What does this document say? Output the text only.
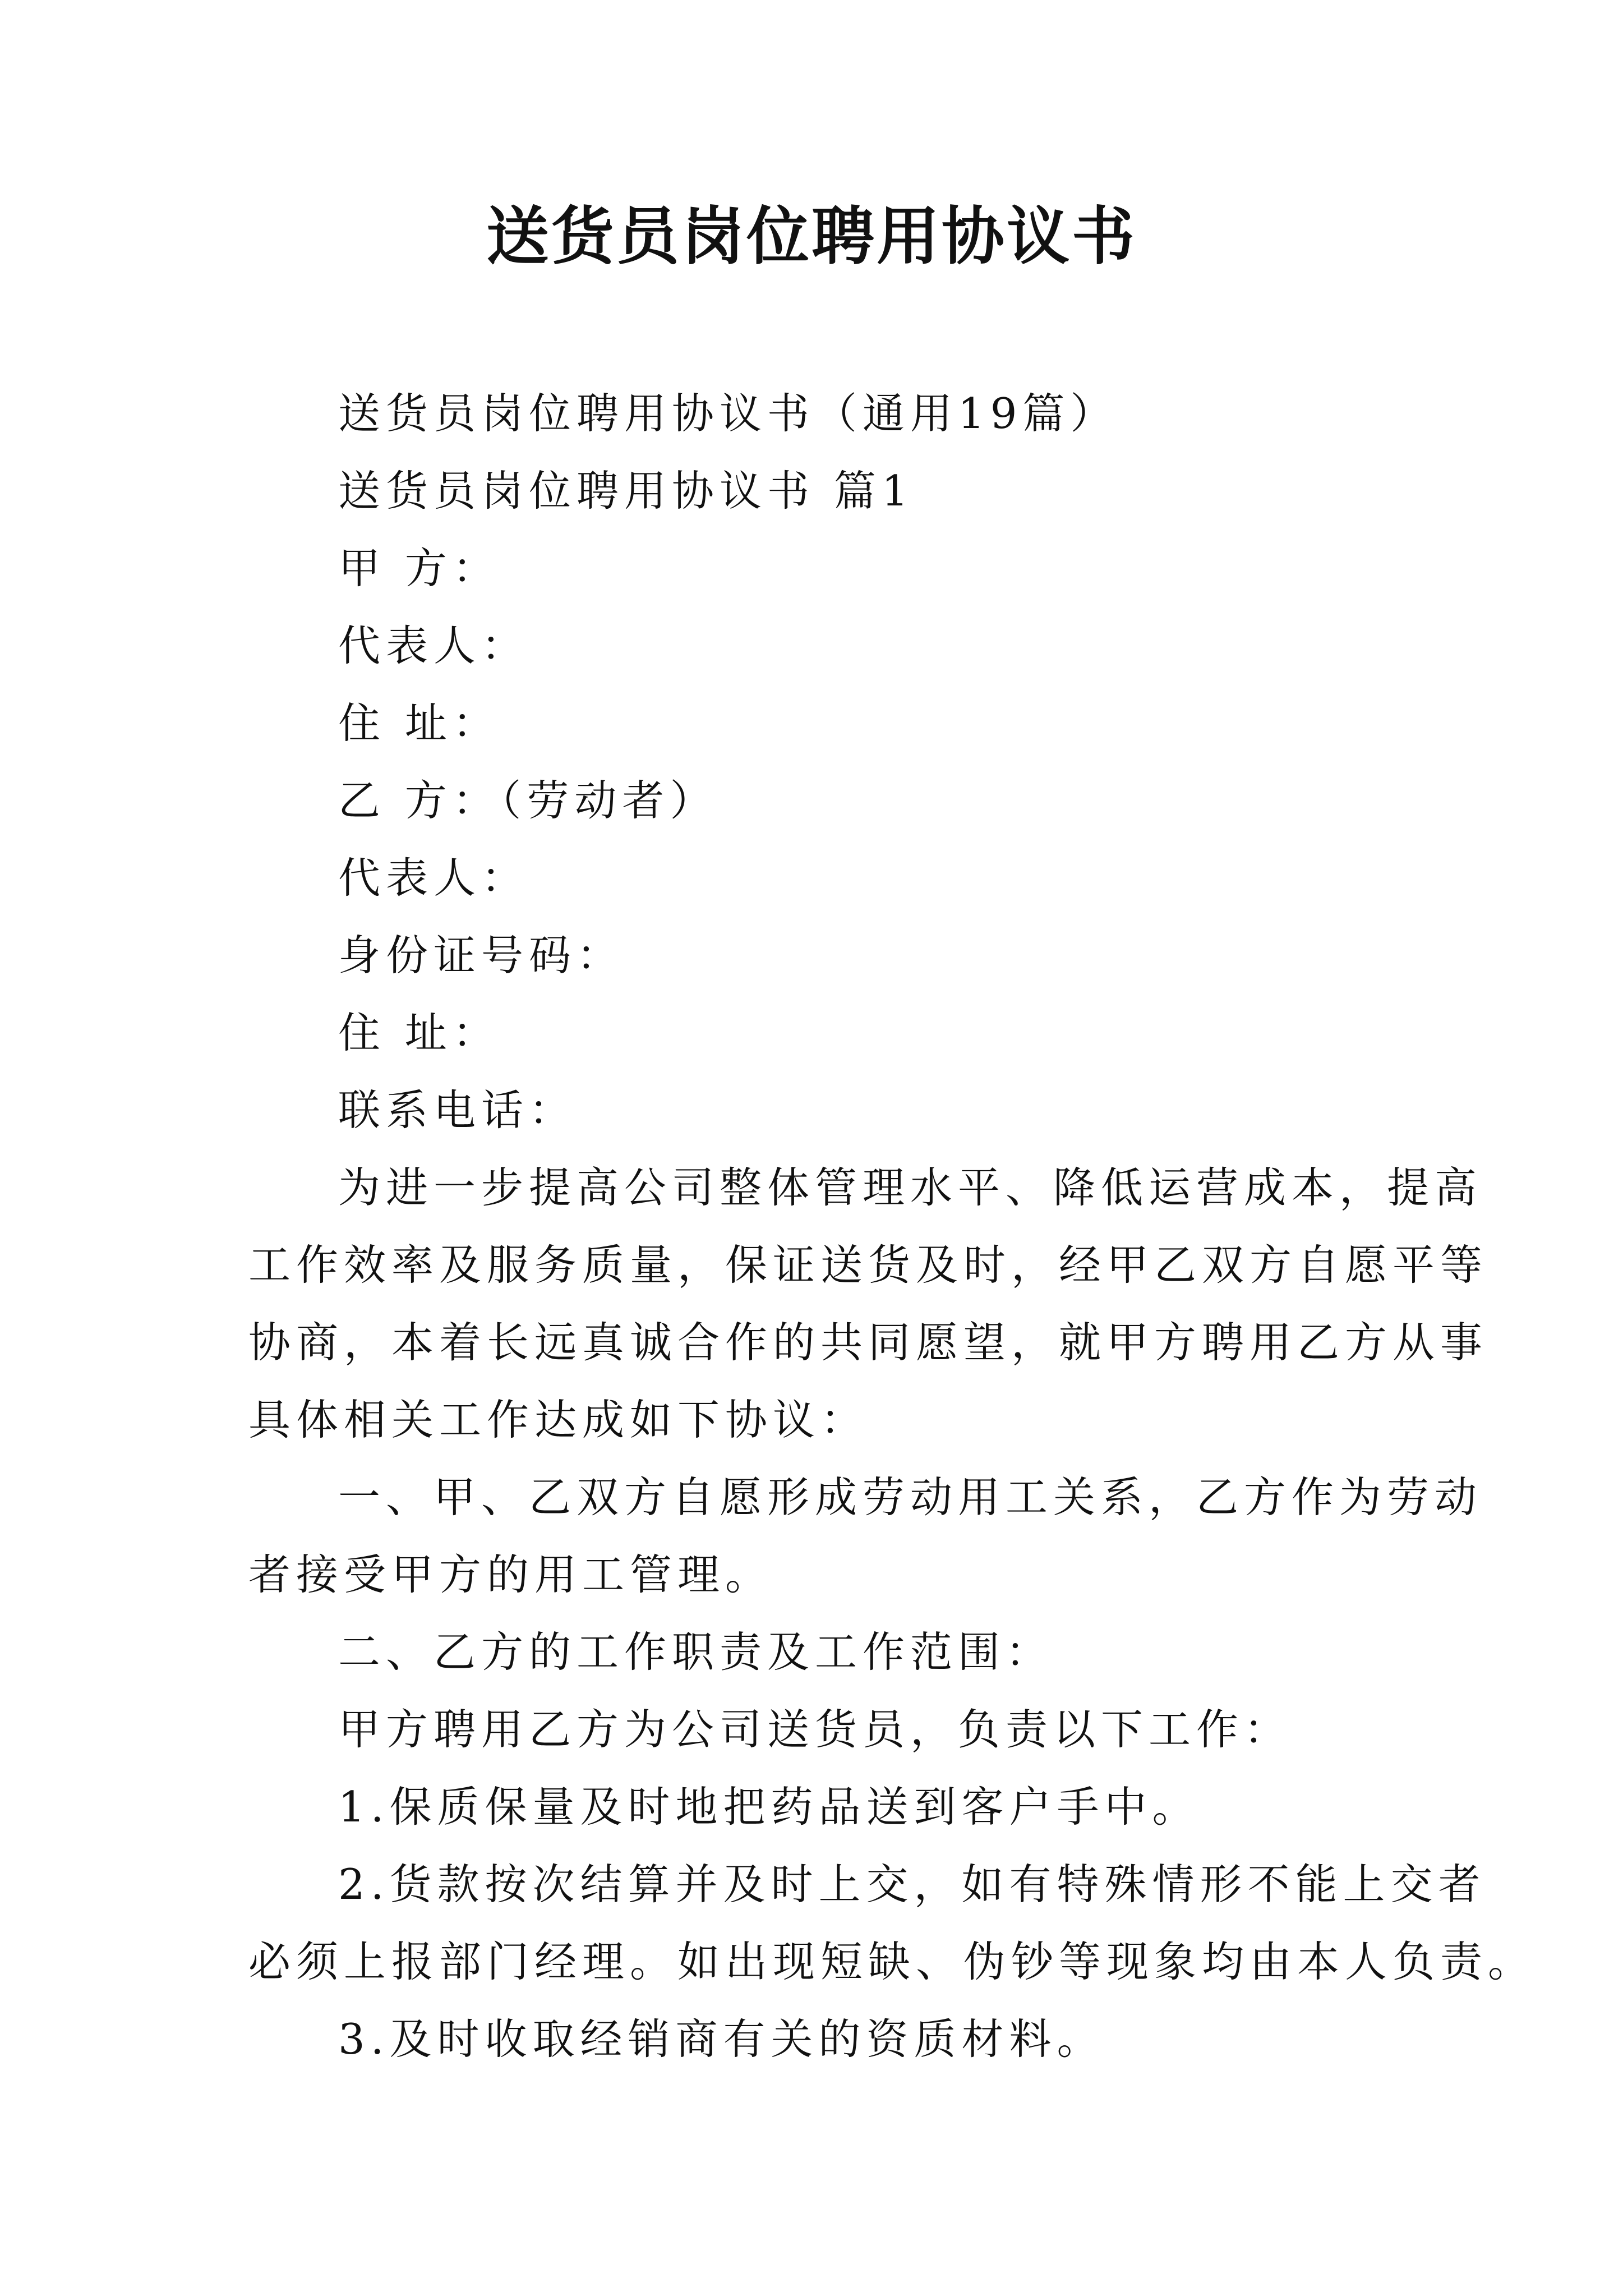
送货员岗位聘用协议书
送货员岗位聘用协议书（通用19篇）
送货员岗位聘用协议书 篇1
甲 方：
代表人：
住 址：
乙 方：（劳动者）
代表人：
身份证号码：
住 址：
联系电话：
为进一步提高公司整体管理水平、降低运营成本，提高
工作效率及服务质量，保证送货及时，经甲乙双方自愿平等
协商，本着长远真诚合作的共同愿望，就甲方聘用乙方从事
具体相关工作达成如下协议：
一、甲、乙双方自愿形成劳动用工关系，乙方作为劳动
者接受甲方的用工管理。
二、乙方的工作职责及工作范围：
甲方聘用乙方为公司送货员，负责以下工作：
1.保质保量及时地把药品送到客户手中。
2.货款按次结算并及时上交，如有特殊情形不能上交者
必须上报部门经理。如出现短缺、伪钞等现象均由本人负责。
3.及时收取经销商有关的资质材料。
